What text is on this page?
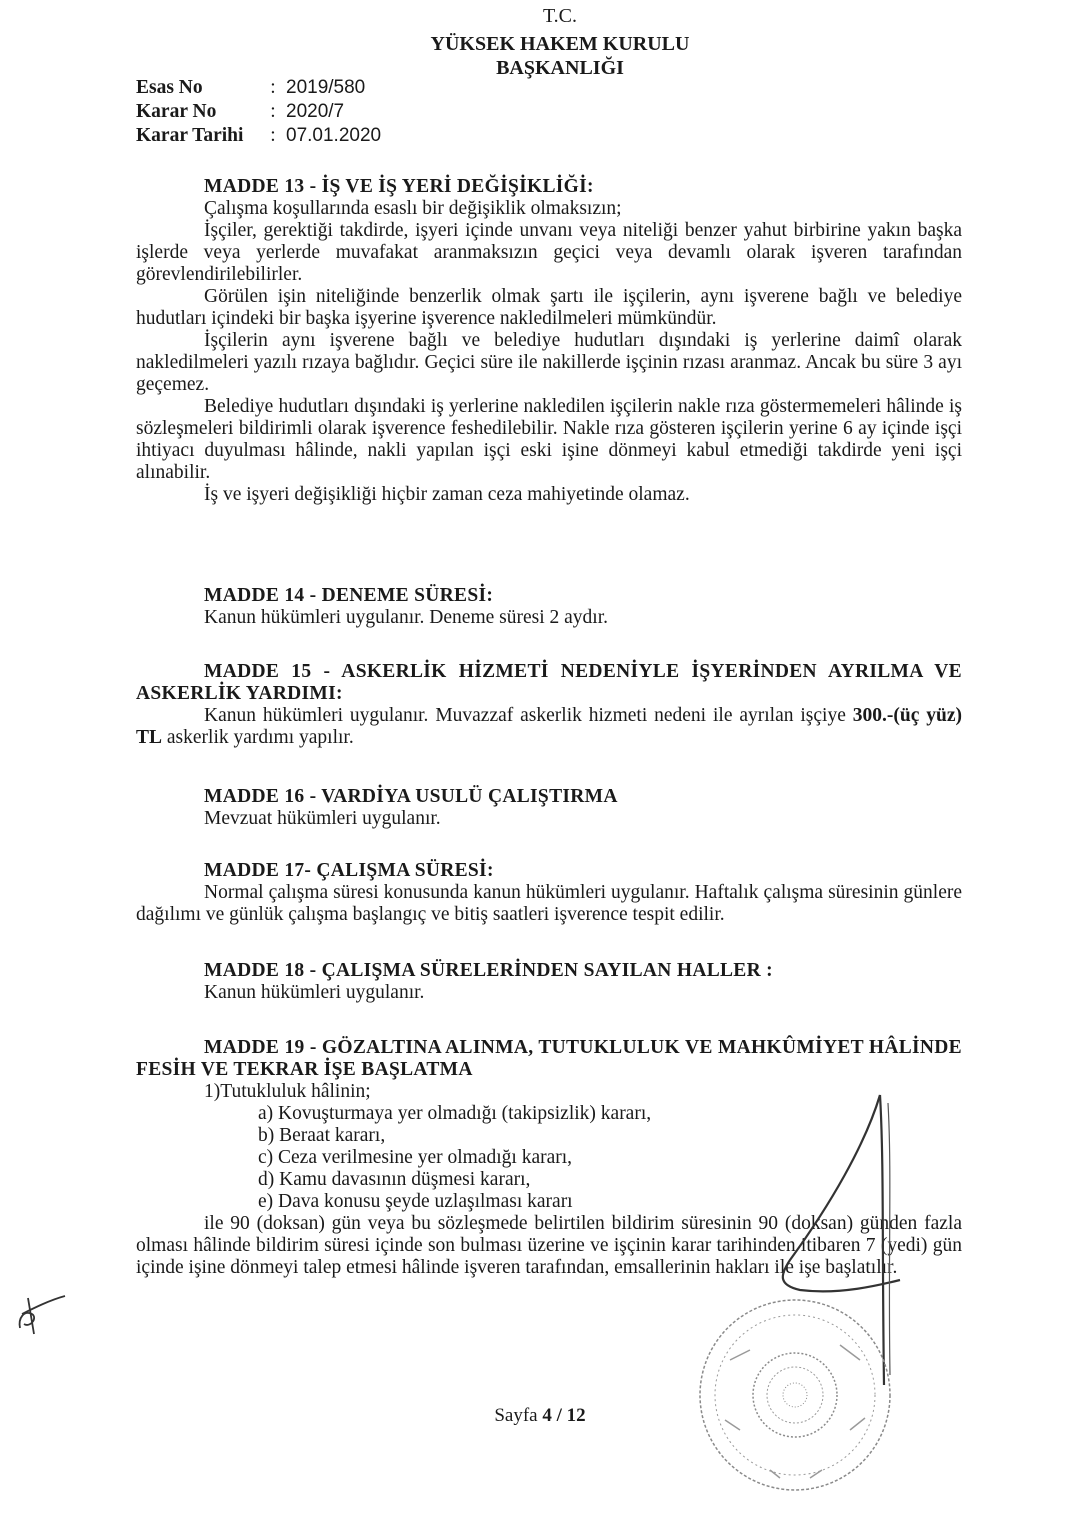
T.C.
YÜKSEK HAKEM KURULU
BAŞKANLIĞI
Esas No	: 2019/580
Karar No	: 2020/7
Karar Tarihi	: 07.01.2020
MADDE 13 - İŞ VE İŞ YERİ DEĞİŞİKLİĞİ:
Çalışma koşullarında esaslı bir değişiklik olmaksızın;
İşçiler, gerektiği takdirde, işyeri içinde unvanı veya niteliği benzer yahut birbirine yakın başka işlerde veya yerlerde muvafakat aranmaksızın geçici veya devamlı olarak işveren tarafından görevlendirilebilirler.
Görülen işin niteliğinde benzerlik olmak şartı ile işçilerin, aynı işverene bağlı ve belediye hudutları içindeki bir başka işyerine işverence nakledilmeleri mümkündür.
İşçilerin aynı işverene bağlı ve belediye hudutları dışındaki iş yerlerine daimî olarak nakledilmeleri yazılı rızaya bağlıdır. Geçici süre ile nakillerde işçinin rızası aranmaz. Ancak bu süre 3 ayı geçemez.
Belediye hudutları dışındaki iş yerlerine nakledilen işçilerin nakle rıza göstermemeleri hâlinde iş sözleşmeleri bildirimli olarak işverence feshedilebilir. Nakle rıza gösteren işçilerin yerine 6 ay içinde işçi ihtiyacı duyulması hâlinde, nakli yapılan işçi eski işine dönmeyi kabul etmediği takdirde yeni işçi alınabilir.
İş ve işyeri değişikliği hiçbir zaman ceza mahiyetinde olamaz.
MADDE 14 - DENEME SÜRESİ:
Kanun hükümleri uygulanır. Deneme süresi 2 aydır.
MADDE 15 - ASKERLİK HİZMETİ NEDENİYLE İŞYERİNDEN AYRILMA VE ASKERLİK YARDIMI:
Kanun hükümleri uygulanır. Muvazzaf askerlik hizmeti nedeni ile ayrılan işçiye 300.-(üç yüz) TL askerlik yardımı yapılır.
MADDE 16 - VARDİYA USULÜ ÇALIŞTIRMA
Mevzuat hükümleri uygulanır.
MADDE 17- ÇALIŞMA SÜRESİ:
Normal çalışma süresi konusunda kanun hükümleri uygulanır. Haftalık çalışma süresinin günlere dağılımı ve günlük çalışma başlangıç ve bitiş saatleri işverence tespit edilir.
MADDE 18 - ÇALIŞMA SÜRELERİNDEN SAYILAN HALLER :
Kanun hükümleri uygulanır.
MADDE 19 - GÖZALTINA ALINMA, TUTUKLULUK VE MAHKÛMİYET HÂLİNDE FESİH VE TEKRAR İŞE BAŞLATMA
1)Tutukluluk hâlinin;
a) Kovuşturmaya yer olmadığı (takipsizlik) kararı,
b) Beraat kararı,
c) Ceza verilmesine yer olmadığı kararı,
d) Kamu davasının düşmesi kararı,
e) Dava konusu şeyde uzlaşılması kararı
ile 90 (doksan) gün veya bu sözleşmede belirtilen bildirim süresinin 90 (doksan) günden fazla olması hâlinde bildirim süresi içinde son bulması üzerine ve işçinin karar tarihinden itibaren 7 (yedi) gün içinde işine dönmeyi talep etmesi hâlinde işveren tarafından, emsallerinin hakları ile işe başlatılır.
Sayfa 4 / 12
